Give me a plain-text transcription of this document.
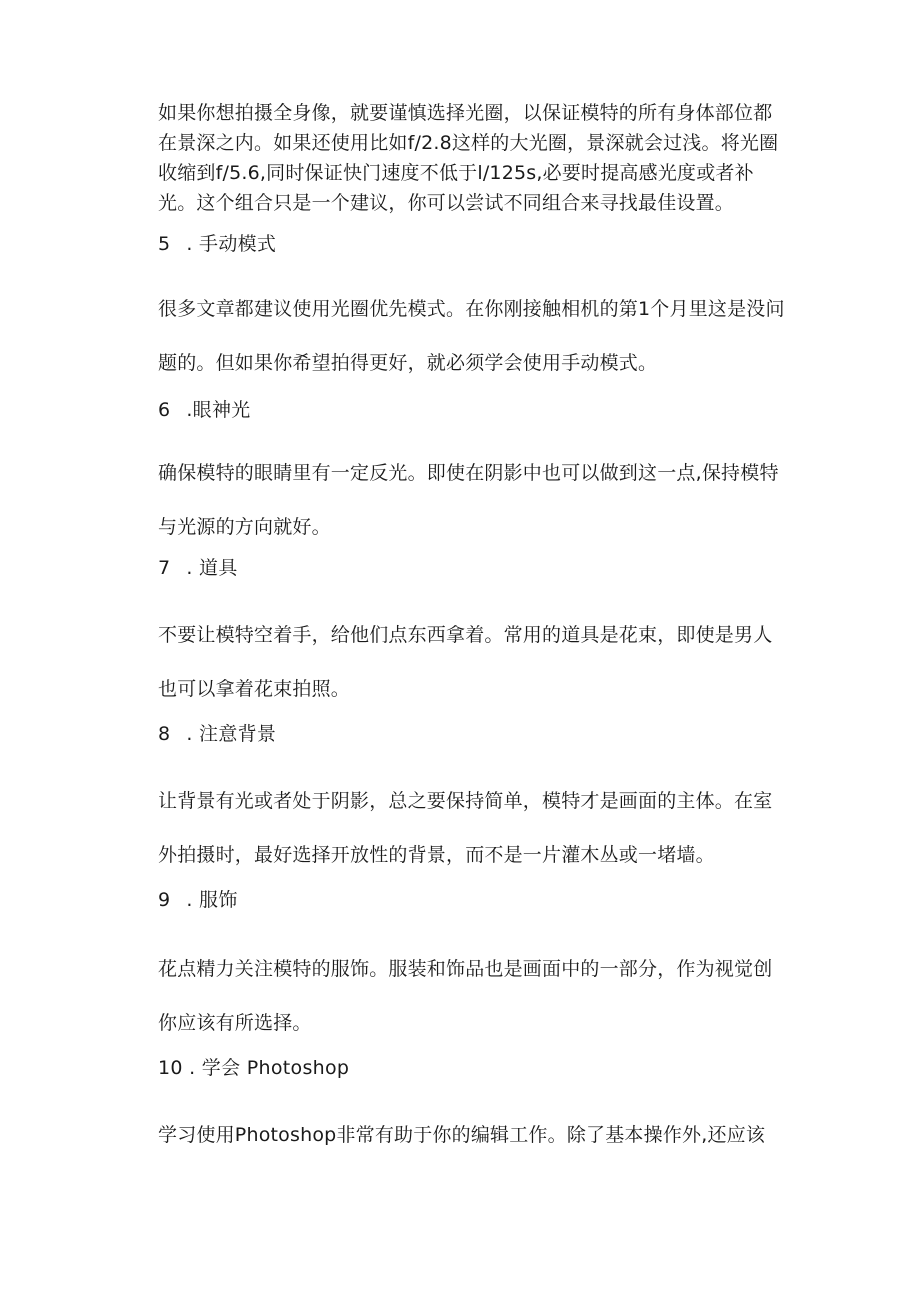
如果你想拍摄全身像，就要谨慎选择光圈，以保证模特的所有身体部位都在景深之内。如果还使用比如f/2.8这样的大光圈，景深就会过浅。将光圈收缩到f/5.6,同时保证快门速度不低于l/125s,必要时提高感光度或者补光。这个组合只是一个建议，你可以尝试不同组合来寻找最佳设置。

5 . 手动模式

很多文章都建议使用光圈优先模式。在你刚接触相机的第1个月里这是没问题的。但如果你希望拍得更好，就必须学会使用手动模式。

6 .眼神光

确保模特的眼睛里有一定反光。即使在阴影中也可以做到这一点,保持模特与光源的方向就好。

7 . 道具

不要让模特空着手，给他们点东西拿着。常用的道具是花束，即使是男人也可以拿着花束拍照。

8 . 注意背景

让背景有光或者处于阴影，总之要保持简单，模特才是画面的主体。在室外拍摄时，最好选择开放性的背景，而不是一片灌木丛或一堵墙。

9 . 服饰

花点精力关注模特的服饰。服装和饰品也是画面中的一部分，作为视觉创你应该有所选择。

10 . 学会 Photoshop

学习使用Photoshop非常有助于你的编辑工作。除了基本操作外,还应该
